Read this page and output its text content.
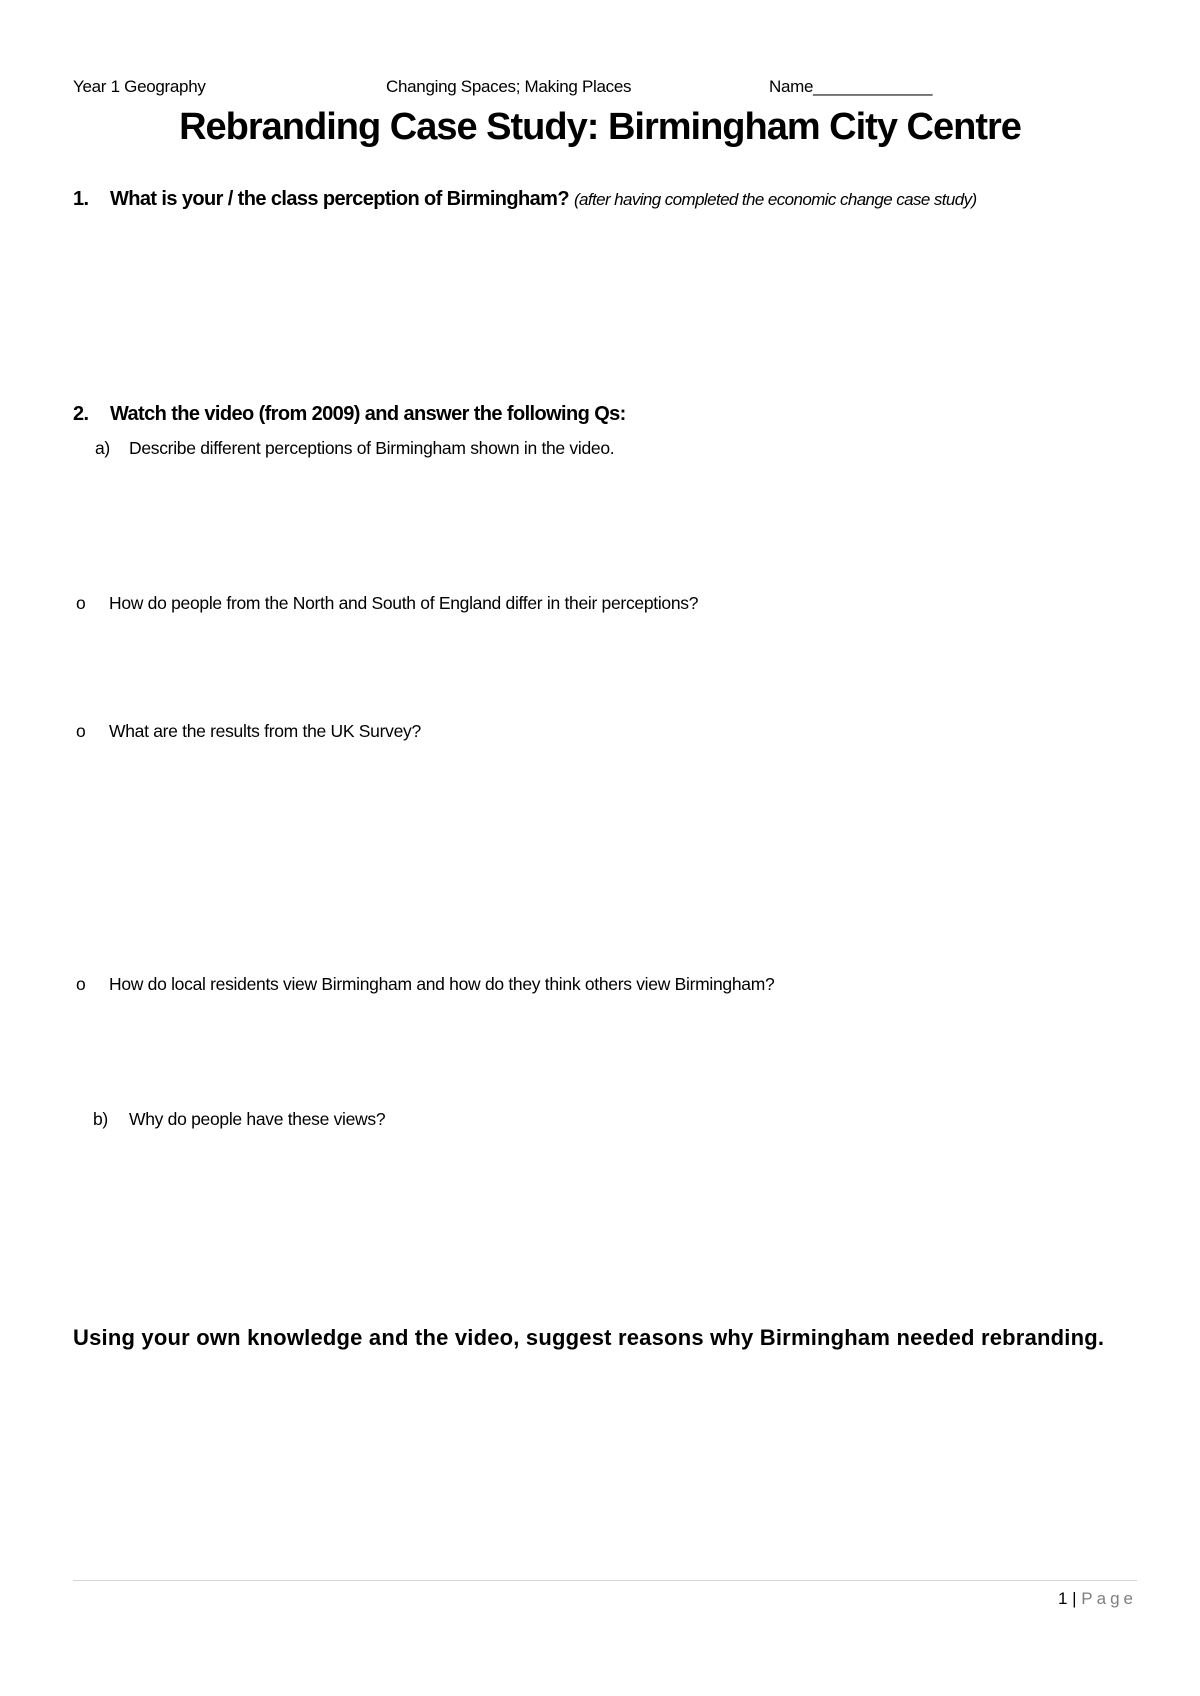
Year 1 Geography	Changing Spaces; Making Places	Name_____________
Rebranding Case Study: Birmingham City Centre
1. What is your / the class perception of Birmingham? (after having completed the economic change case study)
2. Watch the video (from 2009) and answer the following Qs:
a) Describe different perceptions of Birmingham shown in the video.
o How do people from the North and South of England differ in their perceptions?
o What are the results from the UK Survey?
o How do local residents view Birmingham and how do they think others view Birmingham?
b) Why do people have these views?
Using your own knowledge and the video, suggest reasons why Birmingham needed rebranding.
1 | Page
